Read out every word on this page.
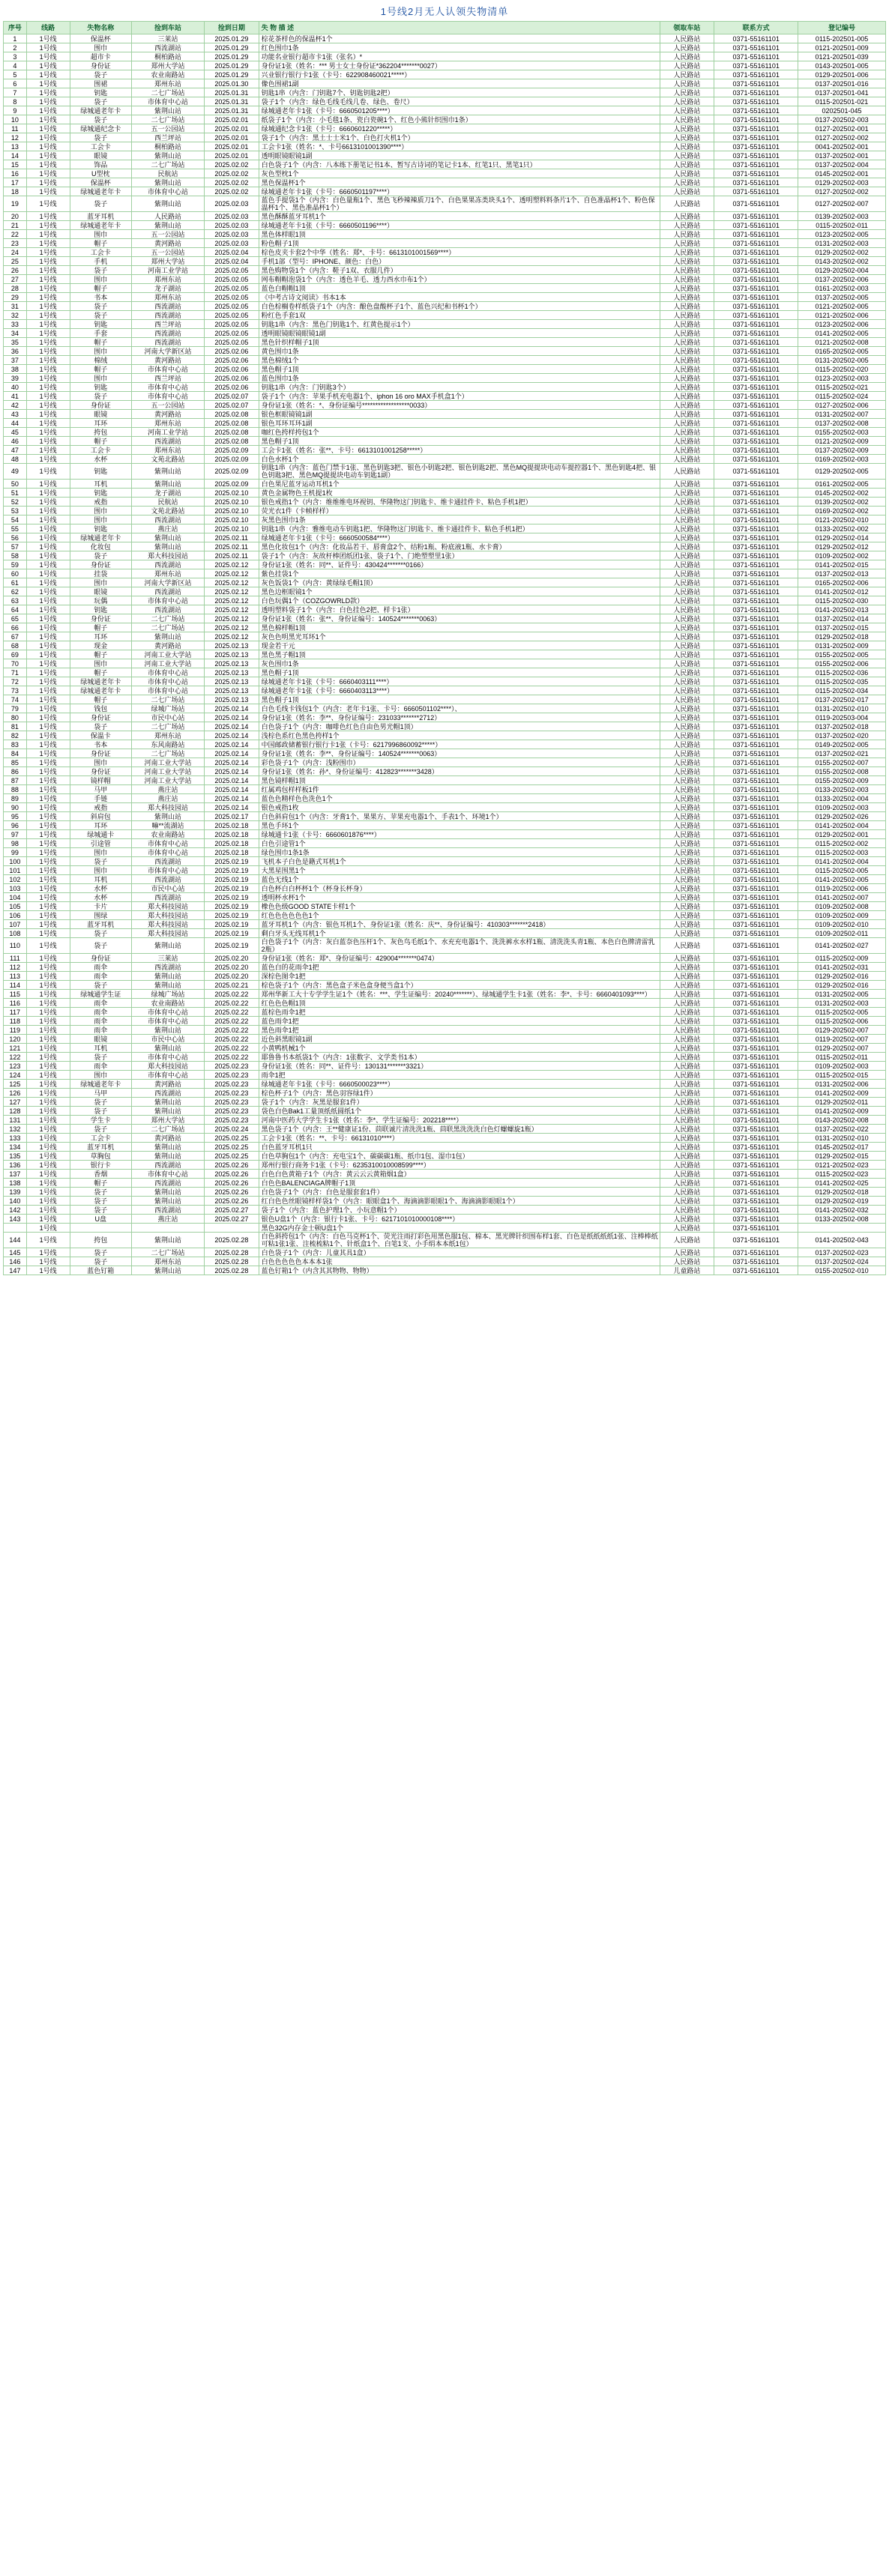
1号线2月无人认领失物清单
序号	线路	失物名称	捡到车站	捡到日期	失 物 描 述	领取车站	联系方式	登记编号
1	1号线	保温杯	三莱站	2025.01.29	棕花茶样色的保温杯1个	人民路站	0371-55161101	0115-202501-005
2	1号线	围巾	西流湖站	2025.01.29	红色围巾1条	人民路站	0371-55161101	0121-202501-009
3	1号线	超市卡	桐柏路站	2025.01.29	功能名业银行超市卡1张（张名）*	人民路站	0371-55161101	0121-202501-039
4	1号线	身份证	郑州大学站	2025.01.29	身份证1张（姓名：*** 男士女士身份证*362204*******0027）	人民路站	0371-55161101	0143-202501-005
5	1号线	袋子	农业南路站	2025.01.29	兴业银行银行卡1张（卡号：622908460021*****）	人民路站	0371-55161101	0129-202501-006
6	1号线	围裙	郑州东站	2025.01.30	像色围裙1副	人民路站	0371-55161101	0137-202501-016
7	1号线	钥匙	二七广场站	2025.01.31	钥匙1串（内含：门钥匙7个、钥匙钥匙2把）	人民路站	0371-55161101	0137-202501-041
8	1号线	袋子	市体育中心站	2025.01.31	袋子1个（内含：绿色毛线毛线几卷、绿色、卷尺）	人民路站	0371-55161101	0115-202501-021
9	1号线	绿城通老年卡	紫荆山站	2025.01.31	绿城通老年卡1张（卡号：6660501205****）	人民路站	0371-55161101	0202501-045
10	1号线	袋子	二七广场站	2025.02.01	纸袋子1个（内含：小毛毯1条、瓷白瓷碗1个、红色小熊针织围巾1条）	人民路站	0371-55161101	0137-202502-003
11	1号线	绿城通纪念卡	五一公园站	2025.02.01	绿城通纪念卡1张（卡号：6660601220*****）	人民路站	0371-55161101	0127-202502-001
12	1号线	袋子	西兰坪站	2025.02.01	袋子1个（内含：黑土士士米1个、白色打火机1个）	人民路站	0371-55161101	0127-202502-002
13	1号线	工会卡	桐柏路站	2025.02.01	工会卡1张（姓名：*、卡号6613101001390****）	人民路站	0371-55161101	0041-202502-001
14	1号线	眼镜	紫荆山站	2025.02.01	透明眼镜眼镜1副	人民路站	0371-55161101	0137-202502-001
15	1号线	饰品	二七广场站	2025.02.02	白色袋子1个（内含：八本练下册笔记书1本、暂写古诗词的笔记卡1本、红笔1只、黑笔1只）	人民路站	0371-55161101	0137-202502-004
16	1号线	U型枕	民航站	2025.02.02	灰色型枕1个	人民路站	0371-55161101	0145-202502-001
17	1号线	保温杯	紫荆山站	2025.02.02	黑色保温杯1个	人民路站	0371-55161101	0129-202502-003
18	1号线	绿城通老年卡	市体育中心站	2025.02.02	绿城通老年卡1张（卡号：6660501197****）	人民路站	0371-55161101	0127-202502-002
19	1号线	袋子	紫荆山站	2025.02.03	蓝色手提袋1个（内含：白色量瓶1个、黑色飞秒辣辣质刀1个、白色果果冻类块头1个、透明塑料料条片1个、自色准晶杯1个、粉色保温杯1个、黑色准晶杯1个）	人民路站	0371-55161101	0127-202502-007
20	1号线	蓝牙耳机	人民路站	2025.02.03	黑色酥酥蓝牙耳机1个	人民路站	0371-55161101	0139-202502-003
21	1号线	绿城通老年卡	紫荆山站	2025.02.03	绿城通老年卡1张（卡号：6660501196****）	人民路站	0371-55161101	0115-202502-011
22	1号线	围巾	五一公园站	2025.02.03	黑色体样眼1顶	人民路站	0371-55161101	0123-202502-005
23	1号线	帽子	黄河路站	2025.02.03	粉色帽子1顶	人民路站	0371-55161101	0131-202502-003
24	1号线	工会卡	五一公园站	2025.02.04	棕色皮夹卡套2个中华（姓名：郑*、卡号：6613101001569****）	人民路站	0371-55161101	0129-202502-002
25	1号线	手机	郑州大学站	2025.02.04	手机1部（型号：IPHONE、颜色：白色）	人民路站	0371-55161101	0143-202502-002
26	1号线	袋子	河南工业学站	2025.02.05	黑色购物袋1个（内含：鞋子1双、衣服几件）	人民路站	0371-55161101	0129-202502-004
27	1号线	围巾	郑州东站	2025.02.05	网布帽帽泡袋1个（内含：透色羊毛、透力西水巾布1个）	人民路站	0371-55161101	0137-202502-006
28	1号线	帽子	龙子湖站	2025.02.05	蓝色白帽帽1顶	人民路站	0371-55161101	0161-202502-003
29	1号线	书本	郑州东站	2025.02.05	《中考古诗文阅读》书本1本	人民路站	0371-55161101	0137-202502-005
31	1号线	袋子	西流湖站	2025.02.05	白色棕榈卷样纸袋子1个（内含：酿色盘酸杯子1个、蓝色兴纪和书杯1个）	人民路站	0371-55161101	0121-202502-005
32	1号线	袋子	西流湖站	2025.02.05	粉红色手套1双	人民路站	0371-55161101	0121-202502-006
33	1号线	钥匙	西兰坪站	2025.02.05	钥匙1串（内含：黑色门钥匙1个、红黄色提示1个）	人民路站	0371-55161101	0123-202502-006
34	1号线	手套	西流湖站	2025.02.05	透明眼镜眼镜眼镜1副	人民路站	0371-55161101	0141-202502-005
35	1号线	帽子	西流湖站	2025.02.05	黑色针织样帽子1顶	人民路站	0371-55161101	0121-202502-008
36	1号线	围巾	河南大学新区站	2025.02.06	黄色围巾1条	人民路站	0371-55161101	0165-202502-005
37	1号线	棉绒	黄河路站	2025.02.06	黑色棉绒1个	人民路站	0371-55161101	0131-202502-005
38	1号线	帽子	市体育中心站	2025.02.06	黑色帽子1顶	人民路站	0371-55161101	0115-202502-020
39	1号线	围巾	西兰坪站	2025.02.06	蓝色围巾1条	人民路站	0371-55161101	0123-202502-003
40	1号线	钥匙	市体育中心站	2025.02.06	钥匙1串（内含：门钥匙3个）	人民路站	0371-55161101	0115-202502-021
41	1号线	袋子	市体育中心站	2025.02.07	袋子1个（内含：苹果手机充电器1个、iphon 16 oro MAX手机盒1个）	人民路站	0371-55161101	0115-202502-024
42	1号线	身份证	五一公园站	2025.02.07	身份证1张（姓名：*、身份证编号******************0033）	人民路站	0371-55161101	0127-202502-006
43	1号线	眼镜	黄河路站	2025.02.08	银色框眼镜镜1副	人民路站	0371-55161101	0131-202502-007
44	1号线	耳环	郑州东站	2025.02.08	银色耳环耳环1副	人民路站	0371-55161101	0137-202502-008
45	1号线	挎包	河南工业学站	2025.02.08	咖红色挎样挎包1个	人民路站	0371-55161101	0155-202502-003
46	1号线	帽子	西流湖站	2025.02.08	黑色帽子1顶	人民路站	0371-55161101	0121-202502-009
47	1号线	工会卡	郑州东站	2025.02.09	工会卡1张（姓名：张**、卡号：6613101001258*****）	人民路站	0371-55161101	0137-202502-009
48	1号线	水杯	文苑北路站	2025.02.09	白色水杯1个	人民路站	0371-55161101	0169-202502-003
49	1号线	钥匙	紫荆山站	2025.02.09	钥匙1串（内含：蓝色门禁卡1张、黑色钥匙3把、银色小钥匙2把、银色钥匙2把、黑色MQ提提块电动车提控器1个、黑色钥匙4把、银色钥匙3把、黑色MQ提提块电动车钥匙1副）	人民路站	0371-55161101	0129-202502-005
50	1号线	耳机	紫荆山站	2025.02.09	白色果尼蓝牙运动耳机1个	人民路站	0371-55161101	0161-202502-005
51	1号线	钥匙	龙子湖站	2025.02.10	黄色金属物色王机提1枚	人民路站	0371-55161101	0145-202502-002
52	1号线	戒指	民航站	2025.02.10	银色戒指1个（内含：维维维电环视钥、华隆物这门钥匙卡、维卡通挂件卡、粘色手机1把）	人民路站	0371-55161101	0139-202502-002
53	1号线	围巾	文苑北路站	2025.02.10	荧光衣1件（卡帧样样）	人民路站	0371-55161101	0169-202502-002
54	1号线	围巾	西流湖站	2025.02.10	灰黑色围巾1条	人民路站	0371-55161101	0121-202502-010
55	1号线	钥匙	燕庄站	2025.02.10	钥匙1串（内含：雅维电动车钥匙1把、华隆物这门钥匙卡、维卡通挂件卡、粘色手机1把）	人民路站	0371-55161101	0133-202502-002
56	1号线	绿城通老年卡	紫荆山站	2025.02.11	绿城通老年卡1张（卡号：6660500584****）	人民路站	0371-55161101	0129-202502-014
57	1号线	化妆包	紫荆山站	2025.02.11	黑色化妆包1个（内含：化妆品若干、唇膏盒2个、结粉1瓶、粉底液1瓶、水卡膏）	人民路站	0371-55161101	0129-202502-012
58	1号线	袋子	郑大科技园站	2025.02.11	袋子1个（内含：灰故杆棒团纸团1张、袋子1个、门绝塑塑里1张）	人民路站	0371-55161101	0109-202502-002
59	1号线	身份证	西流湖站	2025.02.12	身份证1张（姓名：同**、证件号：430424*******0166）	人民路站	0371-55161101	0141-202502-015
60	1号线	挂袋	郑州东站	2025.02.12	紫色挂袋1个	人民路站	0371-55161101	0137-202502-013
61	1号线	围巾	河南大学新区站	2025.02.12	灰色饭袋1个（内含：黄绿绿毛帽1顶）	人民路站	0371-55161101	0165-202502-006
62	1号线	眼镜	西流湖站	2025.02.12	黑色边框眼镜1个	人民路站	0371-55161101	0141-202502-012
63	1号线	玩偶	市体育中心站	2025.02.12	白色玩偶1个（COZGOWRLD款）	人民路站	0371-55161101	0115-202502-030
64	1号线	钥匙	西流湖站	2025.02.12	透明塑料袋子1个（内含：白色挂色2把、样卡1张）	人民路站	0371-55161101	0141-202502-013
65	1号线	身份证	二七广场站	2025.02.12	身份证1张（姓名：张**、身份证编号：140524*******0063）	人民路站	0371-55161101	0137-202502-014
66	1号线	帽子	二七广场站	2025.02.12	黑色棉样帽1顶	人民路站	0371-55161101	0137-202502-015
67	1号线	耳环	紫荆山站	2025.02.12	灰色色明黑光耳环1个	人民路站	0371-55161101	0129-202502-018
68	1号线	现金	黄河路站	2025.02.13	现金若干元	人民路站	0371-55161101	0131-202502-009
69	1号线	帽子	河南工业大学站	2025.02.13	黑色黑子帽1顶	人民路站	0371-55161101	0155-202502-005
70	1号线	围巾	河南工业大学站	2025.02.13	灰色围巾1条	人民路站	0371-55161101	0155-202502-006
71	1号线	帽子	市体育中心站	2025.02.13	黑色帽子1顶	人民路站	0371-55161101	0115-202502-036
72	1号线	绿城通老年卡	市体育中心站	2025.02.13	绿城通老年卡1张（卡号：6660403111****）	人民路站	0371-55161101	0115-202502-035
73	1号线	绿城通老年卡	市体育中心站	2025.02.13	绿城通老年卡1张（卡号：6660403113****）	人民路站	0371-55161101	0115-202502-034
74	1号线	帽子	二七广场站	2025.02.13	黑色帽子1顶	人民路站	0371-55161101	0137-202502-017
79	1号线	钱包	绿城广场站	2025.02.14	白色毛线卡钱包1个（内含：老年卡1张、卡号：6660501102****）、	人民路站	0371-55161101	0131-202502-010
80	1号线	身份证	市民中心站	2025.02.14	身份证1张（姓名：李**、身份证编号：231033*******2712）	人民路站	0371-55161101	0119-202503-004
81	1号线	袋子	二七广场站	2025.02.14	白色袋子1个（内含：咖啡色红色自由色男光帽1顶）	人民路站	0371-55161101	0137-202502-018
82	1号线	保温卡	郑州东站	2025.02.14	浅棕色系红色黑色挎样1个	人民路站	0371-55161101	0137-202502-020
83	1号线	书本	东风南路站	2025.02.14	中国邮政储蓄银行银行卡1张（卡号：6217996860092*****）	人民路站	0371-55161101	0149-202502-005
84	1号线	身份证	二七广场站	2025.02.14	身份证1张（姓名：李**、身份证编号：140524*******0063）	人民路站	0371-55161101	0137-202502-021
85	1号线	围巾	河南工业大学站	2025.02.14	彩色袋子1个（内含：浅粉围巾）	人民路站	0371-55161101	0155-202502-007
86	1号线	身份证	河南工业大学站	2025.02.14	身份证1张（姓名：孙*、身份证编号：412823*******3428）	人民路站	0371-55161101	0155-202502-008
87	1号线	镜样帽	河南工业大学站	2025.02.14	黑色镜样帽1顶	人民路站	0371-55161101	0155-202502-009
88	1号线	马甲	燕庄站	2025.02.14	红属鸡包样样板1件	人民路站	0371-55161101	0133-202502-003
89	1号线	手链	燕庄站	2025.02.14	蓝色色精样色色洗色1个	人民路站	0371-55161101	0133-202502-004
90	1号线	戒指	郑大科技园站	2025.02.14	银色戒指1枚	人民路站	0371-55161101	0109-202502-003
95	1号线	斜肩包	紫荆山站	2025.02.17	白色斜肩包1个（内含：牙膏1个、果果方、苹果充电器1个、手表1个、环境1个）	人民路站	0371-55161101	0129-202502-026
96	1号线	耳环	嘛**流湖站	2025.02.18	黑色手环1个	人民路站	0371-55161101	0141-202502-004
97	1号线	绿城通卡	农业南路站	2025.02.18	绿城通卡1张（卡号：6660601876****）	人民路站	0371-55161101	0129-202502-001
98	1号线	引途管	市体育中心站	2025.02.18	白色引途管1个	人民路站	0371-55161101	0115-202502-002
99	1号线	围巾	市体育中心站	2025.02.18	绿色围巾1条1条	人民路站	0371-55161101	0115-202502-003
100	1号线	袋子	西流湖站	2025.02.19	飞机本子白色是籍式耳机1个	人民路站	0371-55161101	0141-202502-004
101	1号线	围巾	市体育中心站	2025.02.19	大黑星围黑1个	人民路站	0371-55161101	0115-202502-005
102	1号线	耳机	西流湖站	2025.02.19	蓝色无线1个	人民路站	0371-55161101	0141-202502-005
103	1号线	水杯	市民中心站	2025.02.19	白色杯白白杯杯1个（杯身长杯身）	人民路站	0371-55161101	0119-202502-006
104	1号线	水杯	西流湖站	2025.02.19	透明杯水杯1个	人民路站	0371-55161101	0141-202502-007
105	1号线	卡片	郑大科技园站	2025.02.19	橡色色级GOOD STATE卡样1个	人民路站	0371-55161101	0109-202502-008
106	1号线	围绿	郑大科技园站	2025.02.19	红色色色色色色1个	人民路站	0371-55161101	0109-202502-009
107	1号线	蓝牙耳机	郑大科技园站	2025.02.19	蓝牙耳机1个（内含：银色耳机1个、身份证1张（姓名：庆**、身份证编号：410303*******2418）	人民路站	0371-55161101	0109-202502-010
108	1号线	袋子	郑大科技园站	2025.02.19	剩白牙头无线耳机1个	人民路站	0371-55161101	0109-202502-011
110	1号线	袋子	紫荆山站	2025.02.19	白色袋子1个（内含：灰白蓝奈色压杆1个、灰色鸟毛纸1个、水充充电器1个、洗洗裤水水样1瓶、清洗洗头青1瓶、本色白色牌清雷乳2瓶）	人民路站	0371-55161101	0141-202502-027
111	1号线	身份证	三莱站	2025.02.20	身份证1张（姓名：郑*、身份证编号：429004*******0474）	人民路站	0371-55161101	0115-202502-009
112	1号线	雨伞	西流湖站	2025.02.20	蓝色白的花雨伞1把	人民路站	0371-55161101	0141-202502-031
113	1号线	雨伞	紫荆山站	2025.02.20	深棕色图伞1把	人民路站	0371-55161101	0129-202502-016
114	1号线	袋子	紫荆山站	2025.02.21	棕色袋子1个（内含：黑色盒子米色盒身便当盒1个）	人民路站	0371-55161101	0129-202502-016
115	1号线	绿城通学生证	绿城广场站	2025.02.22	郑州华新工大十专学学生证1个（姓名：***、学生证编号：20240*******）、绿城通学生卡1张（姓名：李*、卡号：6660401093****）	人民路站	0371-55161101	0131-202502-005
116	1号线	雨伞	农业南路站	2025.02.22	红色色色帽1顶	人民路站	0371-55161101	0131-202502-003
117	1号线	雨伞	市体育中心站	2025.02.22	蓝棕色雨伞1把	人民路站	0371-55161101	0115-202502-005
118	1号线	雨伞	市体育中心站	2025.02.22	蓝色雨伞1把	人民路站	0371-55161101	0115-202502-006
119	1号线	雨伞	紫荆山站	2025.02.22	黑色雨伞1把	人民路站	0371-55161101	0129-202502-007
120	1号线	眼镜	市民中心站	2025.02.22	近色斜黑眼镜1副	人民路站	0371-55161101	0119-202502-007
121	1号线	耳机	紫荆山站	2025.02.22	小黄鸭机械1个	人民路站	0371-55161101	0129-202502-007
122	1号线	袋子	市体育中心站	2025.02.22	耶鲁鲁书本纸袋1个（内含：1张数字、文学类书1本）	人民路站	0371-55161101	0115-202502-011
123	1号线	雨伞	郑大科技园站	2025.02.23	身份证1张（姓名：同**、证件号：130131*******3321）	人民路站	0371-55161101	0109-202502-003
124	1号线	围巾	市体育中心站	2025.02.23	雨伞1把	人民路站	0371-55161101	0115-202502-015
125	1号线	绿城通老年卡	黄河路站	2025.02.23	绿城通老年卡1张（卡号：6660500023****）	人民路站	0371-55161101	0131-202502-006
126	1号线	马甲	西流湖站	2025.02.23	棕色杯子1个（内含：黑色羽容绿1件）	人民路站	0371-55161101	0141-202502-009
127	1号线	袋子	紫荆山站	2025.02.23	袋子1个（内含：灰黑是服套1件）	人民路站	0371-55161101	0129-202502-011
128	1号线	袋子	紫荆山站	2025.02.23	袋色白色Bak1工量顶纸纸圆纸1个	人民路站	0371-55161101	0141-202502-009
131	1号线	学生卡	郑州大学站	2025.02.23	河南中医药大学学生卡1张（姓名：李*、学生证编号：202218****）	人民路站	0371-55161101	0143-202502-008
132	1号线	袋子	二七广场站	2025.02.24	黑色袋子1个（内含：王**健康证1份、茴联诚片清洗洗1瓶、茴联黑洗洗洗白色灯螺螺旋1瓶）	人民路站	0371-55161101	0137-202502-022
133	1号线	工会卡	黄河路站	2025.02.25	工会卡1张（姓名：**、卡号：66131010****）	人民路站	0371-55161101	0131-202502-010
134	1号线	蓝牙耳机	紫荆山站	2025.02.25	白色蓝牙耳机1只	人民路站	0371-55161101	0145-202502-017
135	1号线	草胸包	紫荆山站	2025.02.25	白色草胸包1个（内含：充电宝1个、碳碳碳1瓶、纸巾1包、湿巾1包）	人民路站	0371-55161101	0129-202502-015
136	1号线	银行卡	西流湖站	2025.02.26	郑州行银行商务卡1张（卡号：6235310010008599****）	人民路站	0371-55161101	0121-202502-023
137	1号线	香烟	市体育中心站	2025.02.26	白色白色黄箱子1个（内含：黄云云云黄箱烟1盒）	人民路站	0371-55161101	0115-202502-023
138	1号线	帽子	西流湖站	2025.02.26	白色色BALENCIAGA牌帽子1顶	人民路站	0371-55161101	0141-202502-025
139	1号线	袋子	紫荆山站	2025.02.26	白色袋子1个（内含：白色是服套套1件）	人民路站	0371-55161101	0129-202502-018
140	1号线	袋子	紫荆山站	2025.02.26	红白色色丝眼镜样样袋1个（内含：眼眼盒1个、海滴滴影眼眼1个、海滴滴影眼眼1个）	人民路站	0371-55161101	0129-202502-019
142	1号线	袋子	西流湖站	2025.02.27	袋子1个（内含：蓝色护理1个、小玩意帽1个）	人民路站	0371-55161101	0141-202502-032
143	1号线	U盘	燕庄站	2025.02.27	银色U盘1个（内含：银行卡1张、卡号：6217101010000108****）	人民路站	0371-55161101	0133-202502-008
	1号线				黑色32G内存金士顿U盘1个	人民路站	0371-55161101	
144	1号线	挎包	紫荆山站	2025.02.28	白色斜挎包1个（内含：白色马克杯1个、荧光注雨打彩色用黑色服1包、棉本、黑光牌针织围布样1套、白色是纸纸纸纸1张、注棒棒纸可粘1张1张、注梳梳粘1个、针纸盒1个、白笔1支、小手绢本本纸1包）	人民路站	0371-55161101	0141-202502-043
145	1号线	袋子	二七广场站	2025.02.28	白色袋子1个（内含：儿童其具1盒）	人民路站	0371-55161101	0137-202502-023
146	1号线	袋子	郑州东站	2025.02.28	白色色色色色本本本1张	人民路站	0371-55161101	0137-202502-024
147	1号线	蓝色钉箱	紫荆山站	2025.02.28	蓝色钉箱1个（内含其其物物、物物）	儿童路站	0371-55161101	0155-202502-010
